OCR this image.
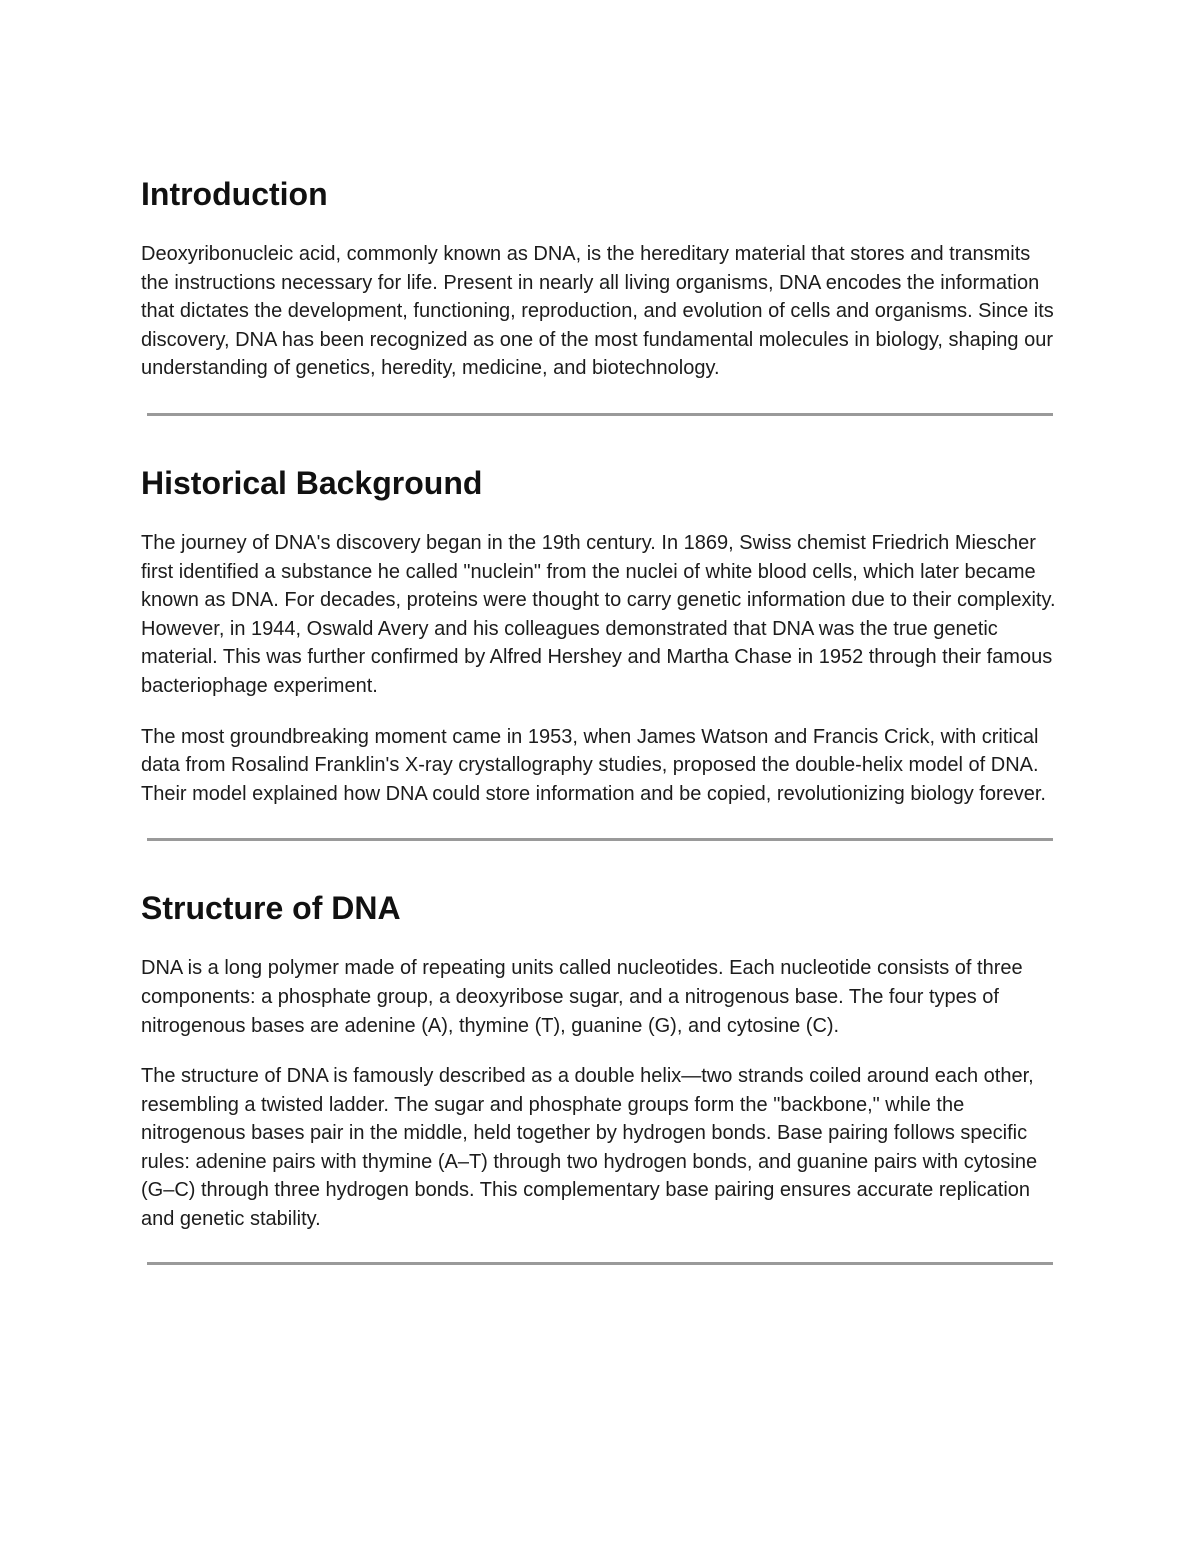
Introduction

Deoxyribonucleic acid, commonly known as DNA, is the hereditary material that stores and transmits the instructions necessary for life. Present in nearly all living organisms, DNA encodes the information that dictates the development, functioning, reproduction, and evolution of cells and organisms. Since its discovery, DNA has been recognized as one of the most fundamental molecules in biology, shaping our understanding of genetics, heredity, medicine, and biotechnology.

Historical Background

The journey of DNA's discovery began in the 19th century. In 1869, Swiss chemist Friedrich Miescher first identified a substance he called "nuclein" from the nuclei of white blood cells, which later became known as DNA. For decades, proteins were thought to carry genetic information due to their complexity. However, in 1944, Oswald Avery and his colleagues demonstrated that DNA was the true genetic material. This was further confirmed by Alfred Hershey and Martha Chase in 1952 through their famous bacteriophage experiment.

The most groundbreaking moment came in 1953, when James Watson and Francis Crick, with critical data from Rosalind Franklin's X-ray crystallography studies, proposed the double-helix model of DNA. Their model explained how DNA could store information and be copied, revolutionizing biology forever.

Structure of DNA

DNA is a long polymer made of repeating units called nucleotides. Each nucleotide consists of three components: a phosphate group, a deoxyribose sugar, and a nitrogenous base. The four types of nitrogenous bases are adenine (A), thymine (T), guanine (G), and cytosine (C).

The structure of DNA is famously described as a double helix—two strands coiled around each other, resembling a twisted ladder. The sugar and phosphate groups form the "backbone," while the nitrogenous bases pair in the middle, held together by hydrogen bonds. Base pairing follows specific rules: adenine pairs with thymine (A–T) through two hydrogen bonds, and guanine pairs with cytosine (G–C) through three hydrogen bonds. This complementary base pairing ensures accurate replication and genetic stability.
